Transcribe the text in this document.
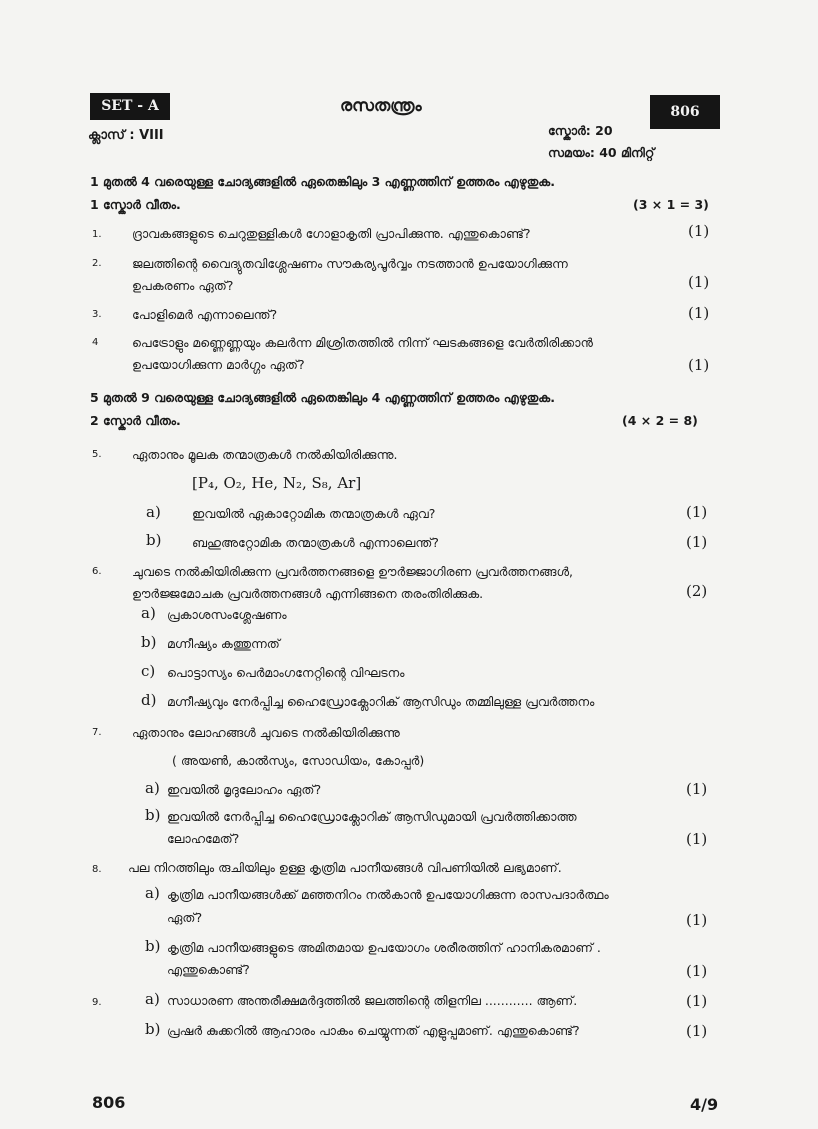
SET - A	രസതന്ത്രം	806
ക്ലാസ് : VIII	സ്കോർ: 20
സമയം: 40 മിനിറ്റ്
1 മുതൽ 4 വരെയുള്ള ചോദ്യങ്ങളിൽ ഏതെങ്കിലും 3 എണ്ണത്തിന് ഉത്തരം എഴുതുക.
1 സ്കോർ വീതം.	(3 × 1 = 3)
1. ദ്രാവകങ്ങളുടെ ചെറുതുള്ളികൾ ഗോളാകൃതി പ്രാപിക്കുന്നു. എന്തുകൊണ്ട്?	(1)
2. ജലത്തിന്റെ വൈദ്യുതവിശ്ലേഷണം സൗകര്യപൂർവ്വം നടത്താൻ ഉപയോഗിക്കുന്ന
ഉപകരണം ഏത്?	(1)
3. പോളിമെർ എന്നാലെന്ത്?	(1)
4	പെട്രോളും മണ്ണെണ്ണയും കലർന്ന മിശ്രിതത്തിൽ നിന്ന് ഘടകങ്ങളെ വേർതിരിക്കാൻ
ഉപയോഗിക്കുന്ന മാർഗ്ഗം ഏത്?	(1)
5 മുതൽ 9 വരെയുള്ള ചോദ്യങ്ങളിൽ ഏതെങ്കിലും 4 എണ്ണത്തിന് ഉത്തരം എഴുതുക.
2 സ്കോർ വീതം.	(4 × 2 = 8)
5. ഏതാനും മൂലക തന്മാത്രകൾ നൽകിയിരിക്കുന്നു.
[P₄, O₂, He, N₂, S₈, Ar]
a) ഇവയിൽ ഏകാറ്റോമിക തന്മാത്രകൾ ഏവ?	(1)
b) ബഹുഅറ്റോമിക തന്മാത്രകൾ എന്നാലെന്ത്?	(1)
6. ചുവടെ നൽകിയിരിക്കുന്ന പ്രവർത്തനങ്ങളെ ഊർജ്ജാഗിരണ പ്രവർത്തനങ്ങൾ,
ഊർജ്ജമോചക പ്രവർത്തനങ്ങൾ എന്നിങ്ങനെ തരംതിരിക്കുക.	(2)
a) പ്രകാശസംശ്ലേഷണം
b) മഗ്നീഷ്യം കത്തുന്നത്
c) പൊട്ടാസ്യം പെർമാംഗനേറ്റിന്റെ വിഘടനം
d) മഗ്നീഷ്യവും നേർപ്പിച്ച ഹൈഡ്രോക്ലോറിക് ആസിഡും തമ്മിലുള്ള പ്രവർത്തനം
7. ഏതാനും ലോഹങ്ങൾ ചുവടെ നൽകിയിരിക്കുന്നു
( അയൺ, കാൽസ്യം, സോഡിയം, കോപ്പർ)
a) ഇവയിൽ മൃദുലോഹം ഏത്?	(1)
b) ഇവയിൽ നേർപ്പിച്ച ഹൈഡ്രോക്ലോറിക് ആസിഡുമായി പ്രവർത്തിക്കാത്ത
ലോഹമേത്?	(1)
8. പല നിറത്തിലും രുചിയിലും ഉള്ള കൃത്രിമ പാനീയങ്ങൾ വിപണിയിൽ ലഭ്യമാണ്.
a) കൃത്രിമ പാനീയങ്ങൾക്ക് മഞ്ഞനിറം നൽകാൻ ഉപയോഗിക്കുന്ന രാസപദാർത്ഥം
ഏത്?	(1)
b) കൃത്രിമ പാനീയങ്ങളുടെ അമിതമായ ഉപയോഗം ശരീരത്തിന് ഹാനികരമാണ് .
എന്തുകൊണ്ട്?	(1)
9.	a) സാധാരണ അന്തരീക്ഷമർദ്ദത്തിൽ ജലത്തിന്റെ തിളനില ............ ആണ്.	(1)
b) പ്രഷർ കുക്കറിൽ ആഹാരം പാകം ചെയ്യുന്നത് എളുപ്പമാണ്. എന്തുകൊണ്ട്?	(1)
806	4/9
